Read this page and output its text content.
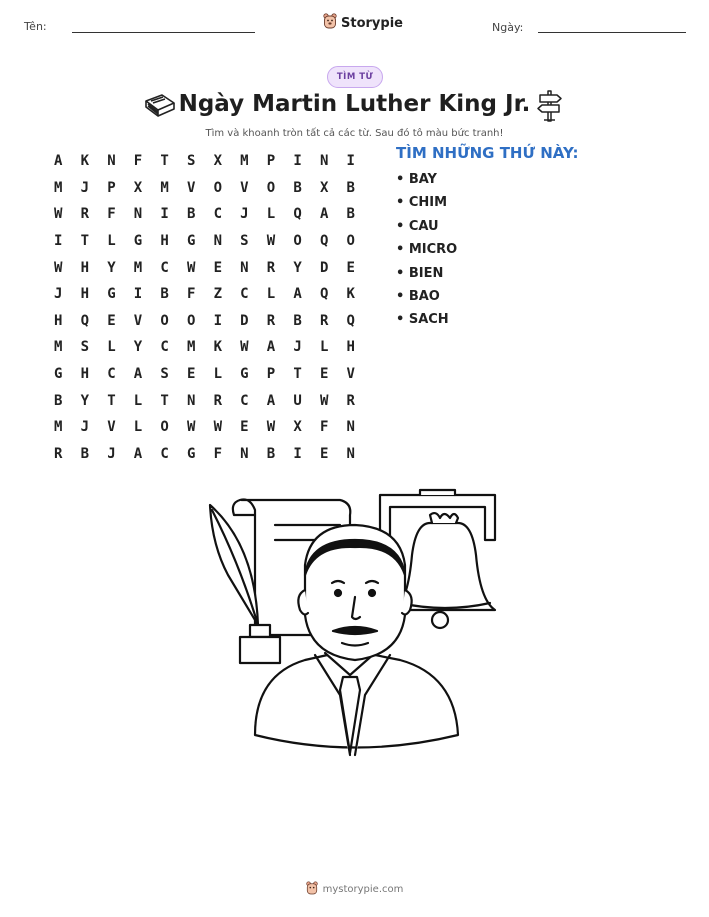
Tên:	Storypie	Ngày:
TÌM TỪ
Ngày Martin Luther King Jr.
Tìm và khoanh tròn tất cả các từ. Sau đó tô màu bức tranh!
A	K	N	F	T	S	X	M	P	I	N	I
M	J	P	X	M	V	O	V	O	B	X	B
W	R	F	N	I	B	C	J	L	Q	A	B
I	T	L	G	H	G	N	S	W	O	Q	O
W	H	Y	M	C	W	E	N	R	Y	D	E
J	H	G	I	B	F	Z	C	L	A	Q	K
H	Q	E	V	O	O	I	D	R	B	R	Q
M	S	L	Y	C	M	K	W	A	J	L	H
G	H	C	A	S	E	L	G	P	T	E	V
B	Y	T	L	T	N	R	C	A	U	W	R
M	J	V	L	O	W	W	E	W	X	F	N
R	B	J	A	C	G	F	N	B	I	E	N
TÌM NHỮNG THỨ NÀY:
• BAY
• CHIM
• CAU
• MICRO
• BIEN
• BAO
• SACH
mystorypie.com
